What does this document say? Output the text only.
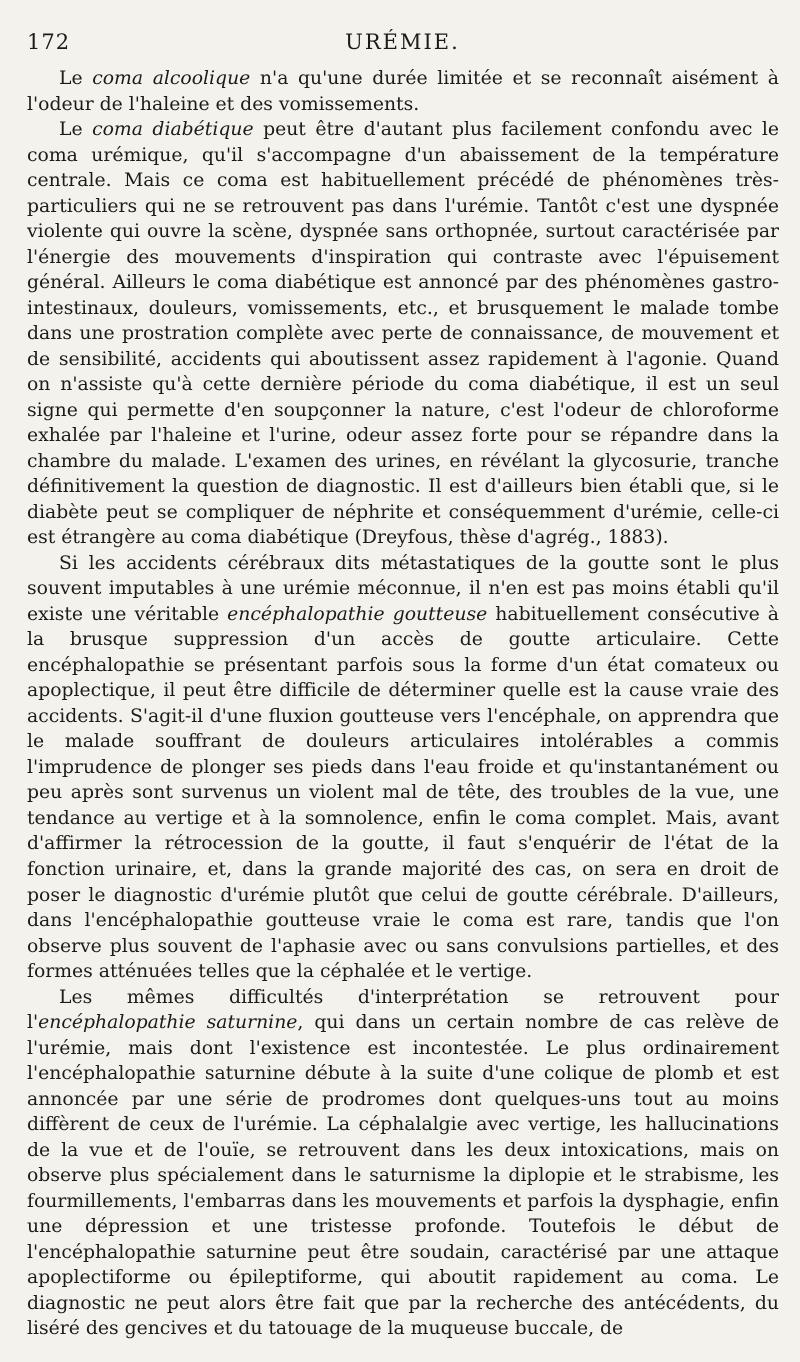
172	URÉMIE.

Le coma alcoolique n'a qu'une durée limitée et se reconnaît aisément à l'odeur de l'haleine et des vomissements.

Le coma diabétique peut être d'autant plus facilement confondu avec le coma urémique, qu'il s'accompagne d'un abaissement de la température centrale. Mais ce coma est habituellement précédé de phénomènes très-particuliers qui ne se retrouvent pas dans l'urémie. Tantôt c'est une dyspnée violente qui ouvre la scène, dyspnée sans orthopnée, surtout caractérisée par l'énergie des mouvements d'inspiration qui contraste avec l'épuisement général. Ailleurs le coma diabétique est annoncé par des phénomènes gastro-intestinaux, douleurs, vomissements, etc., et brusquement le malade tombe dans une prostration complète avec perte de connaissance, de mouvement et de sensibilité, accidents qui aboutissent assez rapidement à l'agonie. Quand on n'assiste qu'à cette dernière période du coma diabétique, il est un seul signe qui permette d'en soupçonner la nature, c'est l'odeur de chloroforme exhalée par l'haleine et l'urine, odeur assez forte pour se répandre dans la chambre du malade. L'examen des urines, en révélant la glycosurie, tranche définitivement la question de diagnostic. Il est d'ailleurs bien établi que, si le diabète peut se compliquer de néphrite et conséquemment d'urémie, celle-ci est étrangère au coma diabétique (Dreyfous, thèse d'agrég., 1883).

Si les accidents cérébraux dits métastatiques de la goutte sont le plus souvent imputables à une urémie méconnue, il n'en est pas moins établi qu'il existe une véritable encéphalopathie goutteuse habituellement consécutive à la brusque suppression d'un accès de goutte articulaire. Cette encéphalopathie se présentant parfois sous la forme d'un état comateux ou apoplectique, il peut être difficile de déterminer quelle est la cause vraie des accidents. S'agit-il d'une fluxion goutteuse vers l'encéphale, on apprendra que le malade souffrant de douleurs articulaires intolérables a commis l'imprudence de plonger ses pieds dans l'eau froide et qu'instantanément ou peu après sont survenus un violent mal de tête, des troubles de la vue, une tendance au vertige et à la somnolence, enfin le coma complet. Mais, avant d'affirmer la rétrocession de la goutte, il faut s'enquérir de l'état de la fonction urinaire, et, dans la grande majorité des cas, on sera en droit de poser le diagnostic d'urémie plutôt que celui de goutte cérébrale. D'ailleurs, dans l'encéphalopathie goutteuse vraie le coma est rare, tandis que l'on observe plus souvent de l'aphasie avec ou sans convulsions partielles, et des formes atténuées telles que la céphalée et le vertige.

Les mêmes difficultés d'interprétation se retrouvent pour l'encéphalopathie saturnine, qui dans un certain nombre de cas relève de l'urémie, mais dont l'existence est incontestée. Le plus ordinairement l'encéphalopathie saturnine débute à la suite d'une colique de plomb et est annoncée par une série de prodromes dont quelques-uns tout au moins diffèrent de ceux de l'urémie. La céphalalgie avec vertige, les hallucinations de la vue et de l'ouïe, se retrouvent dans les deux intoxications, mais on observe plus spécialement dans le saturnisme la diplopie et le strabisme, les fourmillements, l'embarras dans les mouvements et parfois la dysphagie, enfin une dépression et une tristesse profonde. Toutefois le début de l'encéphalopathie saturnine peut être soudain, caractérisé par une attaque apoplectiforme ou épileptiforme, qui aboutit rapidement au coma. Le diagnostic ne peut alors être fait que par la recherche des antécédents, du liséré des gencives et du tatouage de la muqueuse buccale, de
